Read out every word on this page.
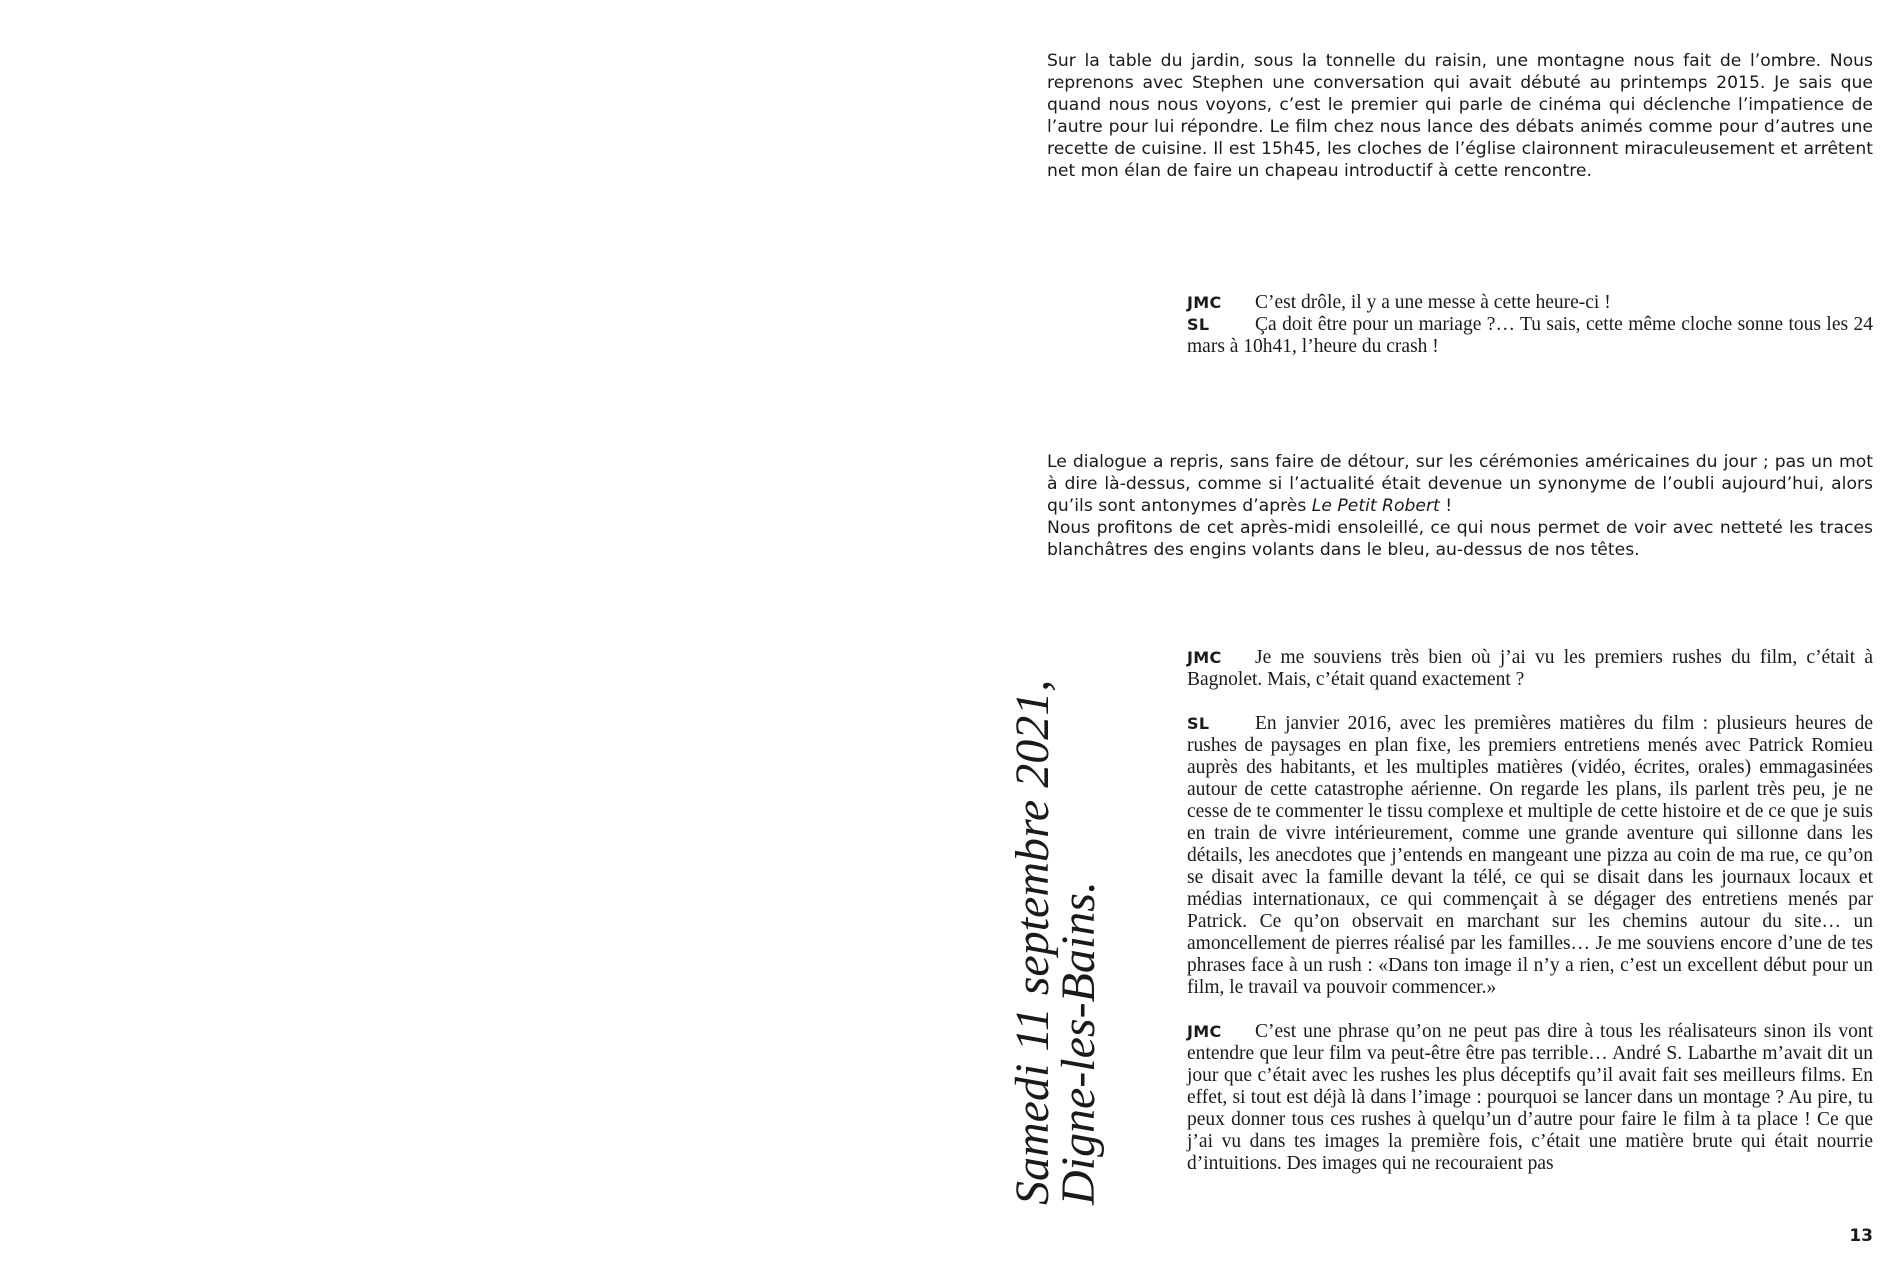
Sur la table du jardin, sous la tonnelle du raisin, une montagne nous fait de l’ombre. Nous reprenons avec Stephen une conversation qui avait débuté au printemps 2015. Je sais que quand nous nous voyons, c’est le premier qui parle de cinéma qui déclenche l’impatience de l’autre pour lui répondre. Le film chez nous lance des débats animés comme pour d’autres une recette de cuisine. Il est 15h45, les cloches de l’église claironnent miraculeusement et arrêtent net mon élan de faire un chapeau introductif à cette rencontre.

JMC C’est drôle, il y a une messe à cette heure-ci !

SL Ça doit être pour un mariage ?… Tu sais, cette même cloche sonne tous les 24 mars à 10h41, l’heure du crash !

Le dialogue a repris, sans faire de détour, sur les cérémonies américaines du jour ; pas un mot à dire là-dessus, comme si l’actualité était devenue un synonyme de l’oubli aujourd’hui, alors qu’ils sont antonymes d’après Le Petit Robert !
Nous profitons de cet après-midi ensoleillé, ce qui nous permet de voir avec netteté les traces blanchâtres des engins volants dans le bleu, au-dessus de nos têtes.

JMC Je me souviens très bien où j’ai vu les premiers rushes du film, c’était à Bagnolet. Mais, c’était quand exactement ?

SL En janvier 2016, avec les premières matières du film : plusieurs heures de rushes de paysages en plan fixe, les premiers entretiens menés avec Patrick Romieu auprès des habitants, et les multiples matières (vidéo, écrites, orales) emmagasinées autour de cette catastrophe aérienne. On regarde les plans, ils parlent très peu, je ne cesse de te commenter le tissu complexe et multiple de cette histoire et de ce que je suis en train de vivre intérieurement, comme une grande aventure qui sillonne dans les détails, les anecdotes que j’entends en mangeant une pizza au coin de ma rue, ce qu’on se disait avec la famille devant la télé, ce qui se disait dans les journaux locaux et médias internationaux, ce qui commençait à se dégager des entretiens menés par Patrick. Ce qu’on observait en marchant sur les chemins autour du site… un amoncellement de pierres réalisé par les familles… Je me souviens encore d’une de tes phrases face à un rush : «Dans ton image il n’y a rien, c’est un excellent début pour un film, le travail va pouvoir commencer.»

JMC C’est une phrase qu’on ne peut pas dire à tous les réalisateurs sinon ils vont entendre que leur film va peut-être être pas terrible… André S. Labarthe m’avait dit un jour que c’était avec les rushes les plus déceptifs qu’il avait fait ses meilleurs films. En effet, si tout est déjà là dans l’image : pourquoi se lancer dans un montage ? Au pire, tu peux donner tous ces rushes à quelqu’un d’autre pour faire le film à ta place ! Ce que j’ai vu dans tes images la première fois, c’était une matière brute qui était nourrie d’intuitions. Des images qui ne recouraient pas

Samedi 11 septembre 2021,
Digne-les-Bains.
13
